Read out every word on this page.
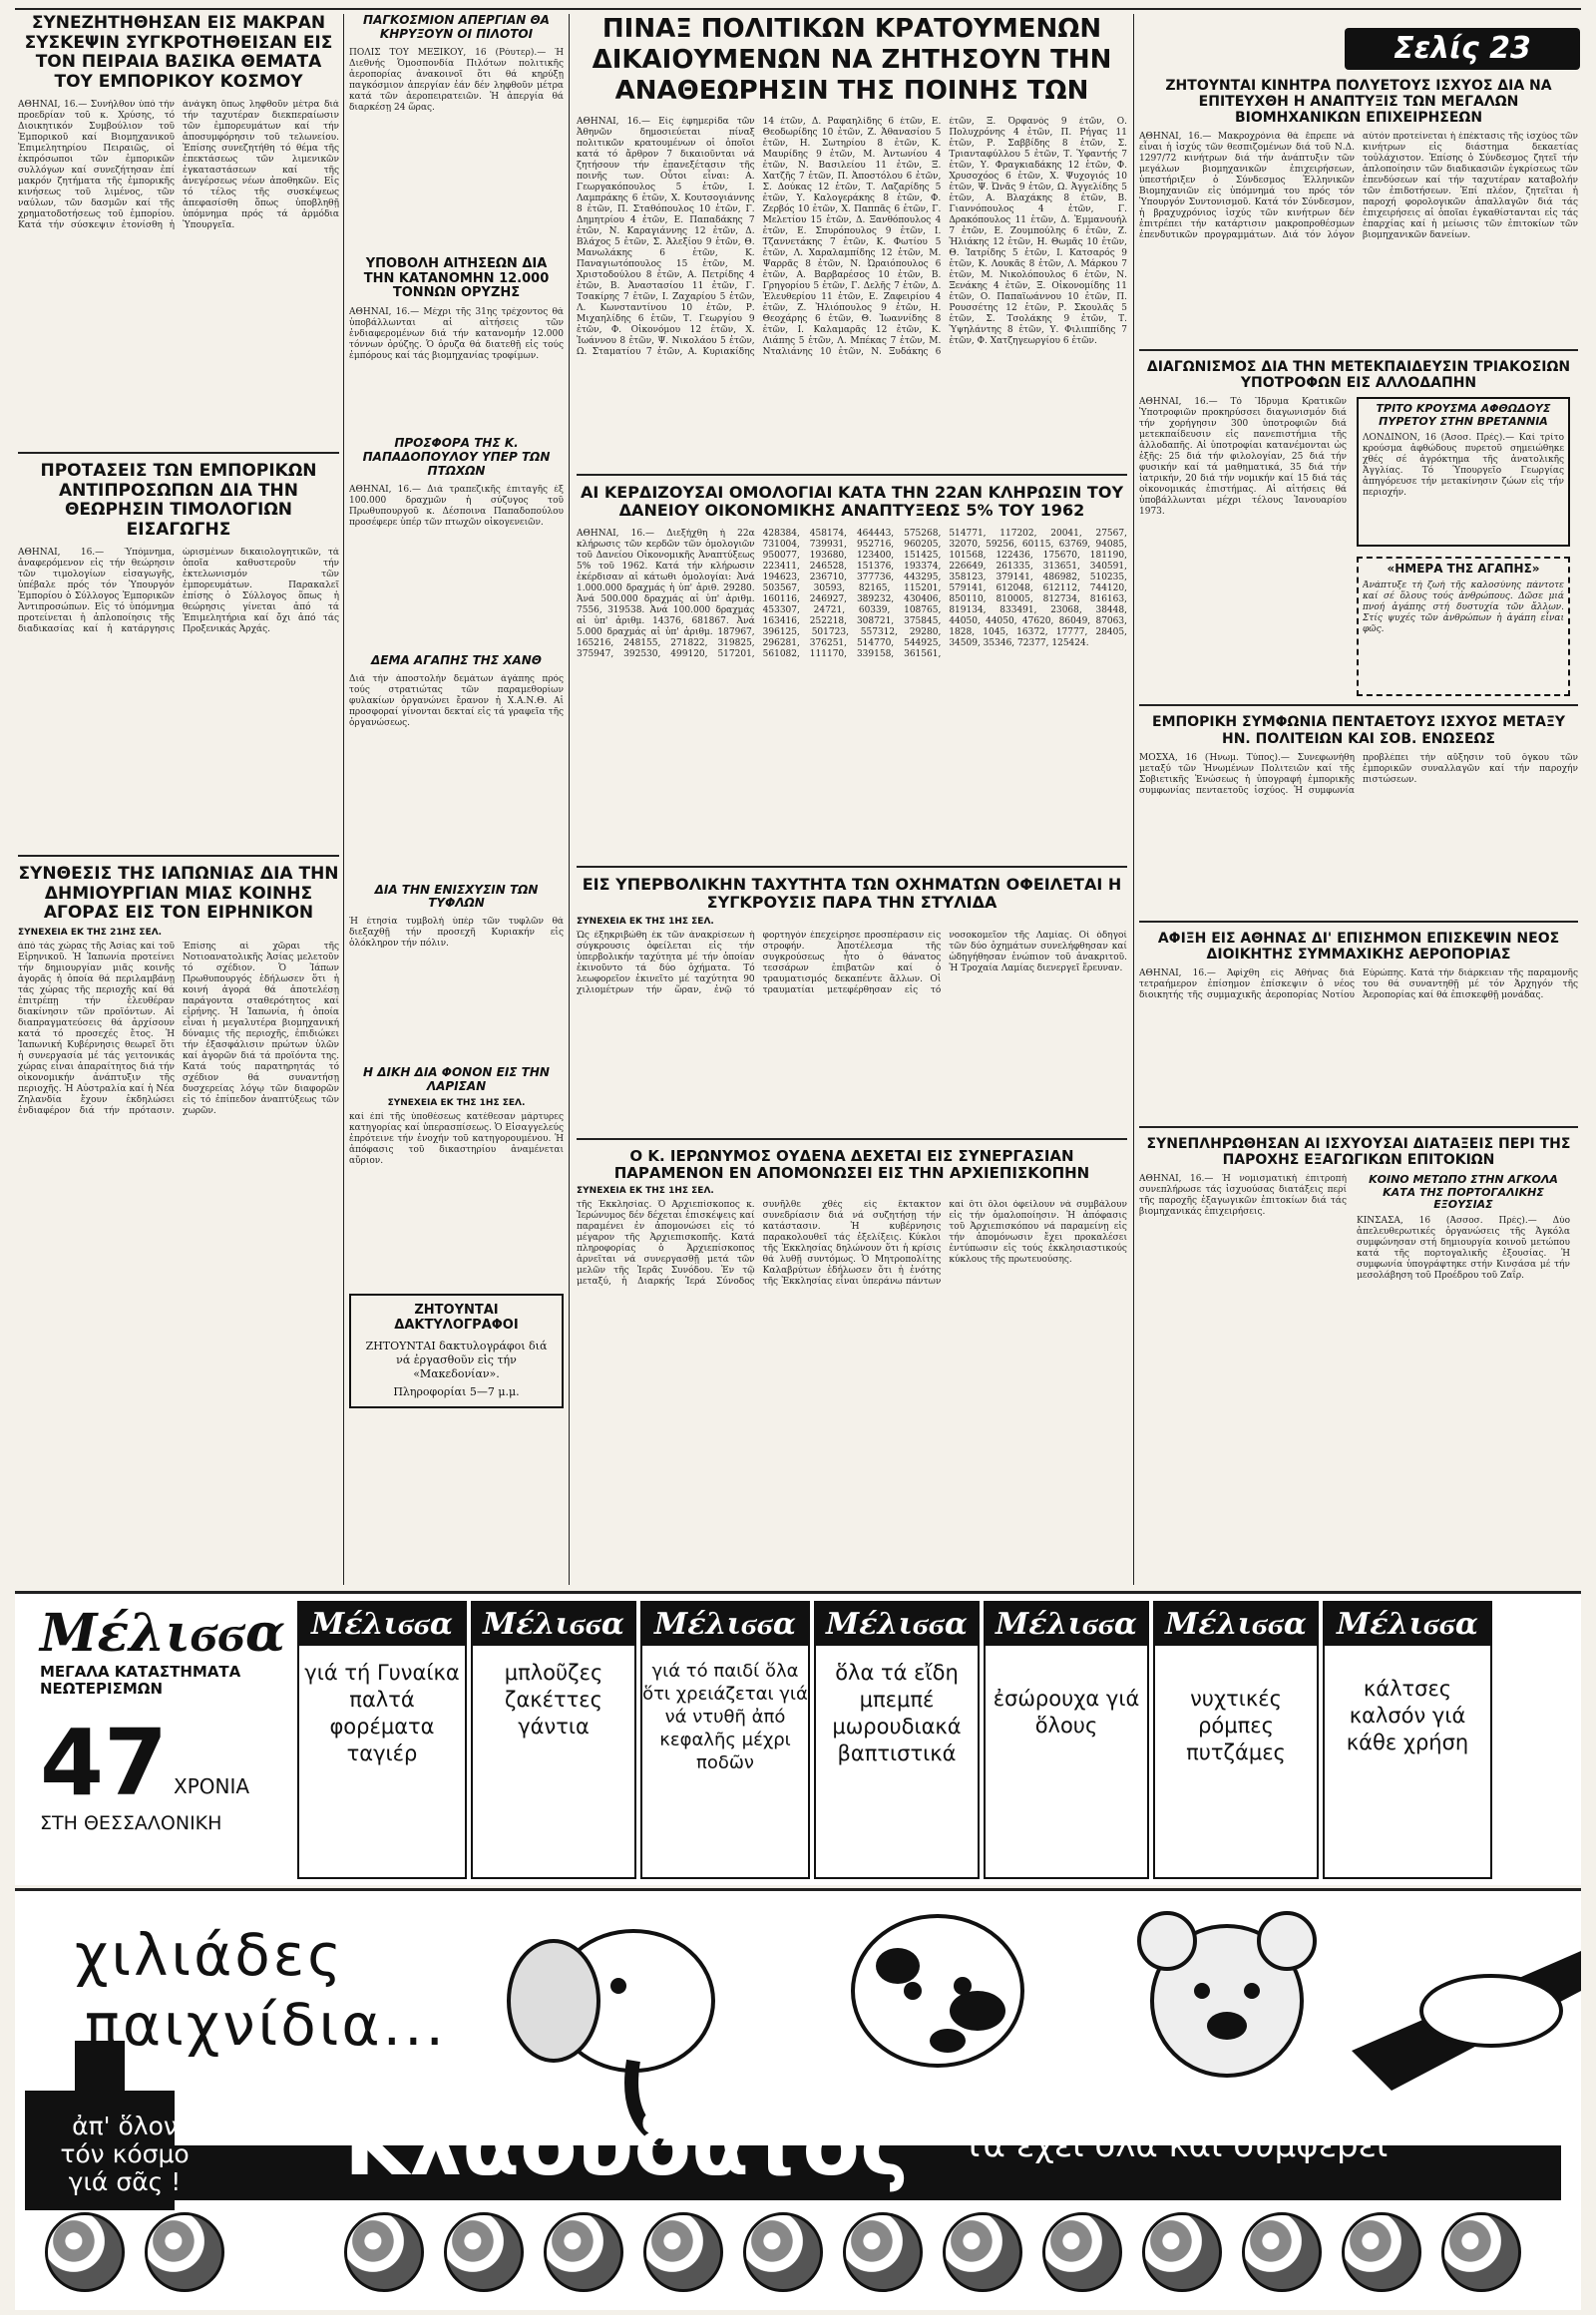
ΣΥΝΕΖΗΤΗΘΗΣΑΝ ΕΙΣ ΜΑΚΡΑΝ ΣΥΣΚΕΨΙΝ ΣΥΓΚΡΟΤΗΘΕΙΣΑΝ ΕΙΣ ΤΟΝ ΠΕΙΡΑΙΑ ΒΑΣΙΚΑ ΘΕΜΑΤΑ ΤΟΥ ΕΜΠΟΡΙΚΟΥ ΚΟΣΜΟΥ
ΑΘΗΝΑΙ, 16.— Συνήλθον ὑπό τήν προεδρίαν τοῦ κ. Χρύσης, τό Διοικητικόν Συμβούλιον τοῦ Ἐμπορικοῦ καί Βιομηχανικοῦ Ἐπιμελητηρίου Πειραιῶς, οἱ ἐκπρόσωποι τῶν ἐμπορικῶν συλλόγων καί συνεζήτησαν ἐπί μακρόν ζητήματα τῆς ἐμπορικῆς κινήσεως τοῦ λιμένος, τῶν ναύλων, τῶν δασμῶν καί τῆς χρηματοδοτήσεως τοῦ ἐμπορίου. Κατά τήν σύσκεψιν ἐτονίσθη ἡ ἀνάγκη ὅπως ληφθοῦν μέτρα διά τήν ταχυτέραν διεκπεραίωσιν τῶν ἐμπορευμάτων καί τήν ἀποσυμφόρησιν τοῦ τελωνείου. Ἐπίσης συνεζητήθη τό θέμα τῆς ἐπεκτάσεως τῶν λιμενικῶν ἐγκαταστάσεων καί τῆς ἀνεγέρσεως νέων ἀποθηκῶν. Εἰς τό τέλος τῆς συσκέψεως ἀπεφασίσθη ὅπως ὑποβληθῇ ὑπόμνημα πρός τά ἁρμόδια Ὑπουργεῖα.
ΠΡΟΤΑΣΕΙΣ ΤΩΝ ΕΜΠΟΡΙΚΩΝ ΑΝΤΙΠΡΟΣΩΠΩΝ ΔΙΑ ΤΗΝ ΘΕΩΡΗΣΙΝ ΤΙΜΟΛΟΓΙΩΝ ΕΙΣΑΓΩΓΗΣ
ΑΘΗΝΑΙ, 16.— Ὑπόμνημα, ἀναφερόμενον εἰς τήν θεώρησιν τῶν τιμολογίων εἰσαγωγῆς, ὑπέβαλε πρός τόν Ὑπουργόν Ἐμπορίου ὁ Σύλλογος Ἐμπορικῶν Ἀντιπροσώπων. Εἰς τό ὑπόμνημα προτείνεται ἡ ἁπλοποίησις τῆς διαδικασίας καί ἡ κατάργησις ὡρισμένων δικαιολογητικῶν, τά ὁποῖα καθυστεροῦν τήν ἐκτελωνισμόν τῶν ἐμπορευμάτων. Παρακαλεῖ ἐπίσης ὁ Σύλλογος ὅπως ἡ θεώρησις γίνεται ἀπό τά Ἐπιμελητήρια καί ὄχι ἀπό τάς Προξενικάς Ἀρχάς.
ΣΥΝΘΕΣΙΣ ΤΗΣ ΙΑΠΩΝΙΑΣ ΔΙΑ ΤΗΝ ΔΗΜΙΟΥΡΓΙΑΝ ΜΙΑΣ ΚΟΙΝΗΣ ΑΓΟΡΑΣ ΕΙΣ ΤΟΝ ΕΙΡΗΝΙΚΟΝ
ΣΥΝΕΧΕΙΑ ΕΚ ΤΗΣ 21ΗΣ ΣΕΛ.
ἀπό τάς χώρας τῆς Ἀσίας καί τοῦ Εἰρηνικοῦ. Ἡ Ἰαπωνία προτείνει τήν δημιουργίαν μιᾶς κοινῆς ἀγορᾶς ἡ ὁποία θά περιλαμβάνῃ τάς χώρας τῆς περιοχῆς καί θά ἐπιτρέπῃ τήν ἐλευθέραν διακίνησιν τῶν προϊόντων. Αἱ διαπραγματεύσεις θά ἀρχίσουν κατά τό προσεχές ἔτος. Ἡ Ἰαπωνική Κυβέρνησις θεωρεῖ ὅτι ἡ συνεργασία μέ τάς γειτονικάς χώρας εἶναι ἀπαραίτητος διά τήν οἰκονομικήν ἀνάπτυξιν τῆς περιοχῆς. Ἡ Αὐστραλία καί ἡ Νέα Ζηλανδία ἔχουν ἐκδηλώσει ἐνδιαφέρον διά τήν πρότασιν. Ἐπίσης αἱ χῶραι τῆς Νοτιοανατολικῆς Ἀσίας μελετοῦν τό σχέδιον. Ὁ Ἰάπων Πρωθυπουργός ἐδήλωσεν ὅτι ἡ κοινή ἀγορά θά ἀποτελέσῃ παράγοντα σταθερότητος καί εἰρήνης. Ἡ Ἰαπωνία, ἡ ὁποία εἶναι ἡ μεγαλυτέρα βιομηχανική δύναμις τῆς περιοχῆς, ἐπιδιώκει τήν ἐξασφάλισιν πρώτων ὑλῶν καί ἀγορῶν διά τά προϊόντα της. Κατά τούς παρατηρητάς τό σχέδιον θά συναντήσῃ δυσχερείας λόγῳ τῶν διαφορῶν εἰς τό ἐπίπεδον ἀναπτύξεως τῶν χωρῶν.
ΠΑΓΚΟΣΜΙΟΝ ΑΠΕΡΓΙΑΝ ΘΑ ΚΗΡΥΞΟΥΝ ΟΙ ΠΙΛΟΤΟΙ
ΠΟΛΙΣ ΤΟΥ ΜΕΞΙΚΟΥ, 16 (Ρόυτερ).— Ἡ Διεθνής Ὁμοσπονδία Πιλότων πολιτικῆς ἀεροπορίας ἀνακοινοῖ ὅτι θά κηρύξῃ παγκόσμιον ἀπεργίαν ἐάν δέν ληφθοῦν μέτρα κατά τῶν ἀεροπειρατειῶν. Ἡ ἀπεργία θά διαρκέσῃ 24 ὥρας.
ΥΠΟΒΟΛΗ ΑΙΤΗΣΕΩΝ ΔΙΑ ΤΗΝ ΚΑΤΑΝΟΜΗΝ 12.000 ΤΟΝΝΩΝ ΟΡΥΖΗΣ
ΑΘΗΝΑΙ, 16.— Μέχρι τῆς 31ης τρέχοντος θά ὑποβάλλωνται αἱ αἰτήσεις τῶν ἐνδιαφερομένων διά τήν κατανομήν 12.000 τόννων ὀρύζης. Ὁ ὀρυζα θά διατεθῇ εἰς τούς ἐμπόρους καί τάς βιομηχανίας τροφίμων.
ΠΡΟΣΦΟΡΑ ΤΗΣ Κ. ΠΑΠΑΔΟΠΟΥΛΟΥ ΥΠΕΡ ΤΩΝ ΠΤΩΧΩΝ
ΑΘΗΝΑΙ, 16.— Διά τραπεζικῆς ἐπιταγῆς ἐξ 100.000 δραχμῶν ἡ σύζυγος τοῦ Πρωθυπουργοῦ κ. Δέσποινα Παπαδοπούλου προσέφερε ὑπέρ τῶν πτωχῶν οἰκογενειῶν.
ΔΕΜΑ ΑΓΑΠΗΣ ΤΗΣ ΧΑΝΘ
Διά τήν ἀποστολήν δεμάτων ἀγάπης πρός τούς στρατιώτας τῶν παραμεθορίων φυλακίων ὀργανώνει ἔρανον ἡ Χ.Α.Ν.Θ. Αἱ προσφοραί γίνονται δεκταί εἰς τά γραφεῖα τῆς ὀργανώσεως.
ΔΙΑ ΤΗΝ ΕΝΙΣΧΥΣΙΝ ΤΩΝ ΤΥΦΛΩΝ
Ἡ ἐτησία τυμβολή ὑπέρ τῶν τυφλῶν θά διεξαχθῇ τήν προσεχῆ Κυριακήν εἰς ὁλόκληρον τήν πόλιν.
Η ΔΙΚΗ ΔΙΑ ΦΟΝΟΝ ΕΙΣ ΤΗΝ ΛΑΡΙΣΑΝ
ΣΥΝΕΧΕΙΑ ΕΚ ΤΗΣ 1ΗΣ ΣΕΛ.
καί ἐπί τῆς ὑποθέσεως κατέθεσαν μάρτυρες κατηγορίας καί ὑπερασπίσεως. Ὁ Εἰσαγγελεύς ἐπρότεινε τήν ἐνοχήν τοῦ κατηγορουμένου. Ἡ ἀπόφασις τοῦ δικαστηρίου ἀναμένεται αὔριον.
ΖΗΤΟΥΝΤΑΙ ΔΑΚΤΥΛΟΓΡΑΦΟΙ
ΖΗΤΟΥΝΤΑΙ δακτυλογράφοι διά νά ἐργασθοῦν εἰς τήν «Μακεδονίαν».
Πληροφορίαι 5—7 μ.μ.
ΠΙΝΑΞ ΠΟΛΙΤΙΚΩΝ ΚΡΑΤΟΥΜΕΝΩΝ ΔΙΚΑΙΟΥΜΕΝΩΝ ΝΑ ΖΗΤΗΣΟΥΝ ΤΗΝ ΑΝΑΘΕΩΡΗΣΙΝ ΤΗΣ ΠΟΙΝΗΣ ΤΩΝ
ΑΘΗΝΑΙ, 16.— Εἰς ἐφημερίδα τῶν Ἀθηνῶν δημοσιεύεται πίναξ πολιτικῶν κρατουμένων οἱ ὁποῖοι κατά τό ἄρθρον 7 δικαιοῦνται νά ζητήσουν τήν ἐπανεξέτασιν τῆς ποινῆς των. Οὗτοι εἶναι: Α. Γεωργακόπουλος 5 ἐτῶν, Ι. Λαμπράκης 6 ἐτῶν, Χ. Κουτσογιάννης 8 ἐτῶν, Π. Σταθόπουλος 10 ἐτῶν, Γ. Δημητρίου 4 ἐτῶν, Ε. Παπαδάκης 7 ἐτῶν, Ν. Καραγιάννης 12 ἐτῶν, Δ. Βλάχος 5 ἐτῶν, Σ. Ἀλεξίου 9 ἐτῶν, Θ. Μανωλάκης 6 ἐτῶν, Κ. Παναγιωτόπουλος 15 ἐτῶν, Μ. Χριστοδούλου 8 ἐτῶν, Α. Πετρίδης 4 ἐτῶν, Β. Ἀναστασίου 11 ἐτῶν, Γ. Τσακίρης 7 ἐτῶν, Ι. Ζαχαρίου 5 ἐτῶν, Λ. Κωνσταντίνου 10 ἐτῶν, Ρ. Μιχαηλίδης 6 ἐτῶν, Τ. Γεωργίου 9 ἐτῶν, Φ. Οἰκονόμου 12 ἐτῶν, Χ. Ἰωάννου 8 ἐτῶν, Ψ. Νικολάου 5 ἐτῶν, Ω. Σταματίου 7 ἐτῶν, Α. Κυριακίδης 14 ἐτῶν, Δ. Ραφαηλίδης 6 ἐτῶν, Ε. Θεοδωρίδης 10 ἐτῶν, Ζ. Ἀθανασίου 5 ἐτῶν, Η. Σωτηρίου 8 ἐτῶν, Κ. Μαυρίδης 9 ἐτῶν, Μ. Ἀντωνίου 4 ἐτῶν, Ν. Βασιλείου 11 ἐτῶν, Ξ. Χατζῆς 7 ἐτῶν, Π. Ἀποστόλου 6 ἐτῶν, Σ. Δούκας 12 ἐτῶν, Τ. Λαζαρίδης 5 ἐτῶν, Υ. Καλογεράκης 8 ἐτῶν, Φ. Ζερβός 10 ἐτῶν, Χ. Παππᾶς 6 ἐτῶν, Γ. Μελετίου 15 ἐτῶν, Δ. Ξανθόπουλος 4 ἐτῶν, Ε. Σπυρόπουλος 9 ἐτῶν, Ι. Τζαννετάκης 7 ἐτῶν, Κ. Φωτίου 5 ἐτῶν, Λ. Χαραλαμπίδης 12 ἐτῶν, Μ. Ψαρρᾶς 8 ἐτῶν, Ν. Ὠραιόπουλος 6 ἐτῶν, Α. Βαρβαρέσος 10 ἐτῶν, Β. Γρηγορίου 5 ἐτῶν, Γ. Δελῆς 7 ἐτῶν, Δ. Ἐλευθερίου 11 ἐτῶν, Ε. Ζαφειρίου 4 ἐτῶν, Ζ. Ἠλιόπουλος 9 ἐτῶν, Η. Θεοχάρης 6 ἐτῶν, Θ. Ἰωαννίδης 8 ἐτῶν, Ι. Καλαμαρᾶς 12 ἐτῶν, Κ. Λιάπης 5 ἐτῶν, Λ. Μπέκας 7 ἐτῶν, Μ. Νταλιάνης 10 ἐτῶν, Ν. Ξυδάκης 6 ἐτῶν, Ξ. Ὀρφανός 9 ἐτῶν, Ο. Πολυχρόνης 4 ἐτῶν, Π. Ρήγας 11 ἐτῶν, Ρ. Σαββίδης 8 ἐτῶν, Σ. Τριανταφύλλου 5 ἐτῶν, Τ. Ὑφαντής 7 ἐτῶν, Υ. Φραγκιαδάκης 12 ἐτῶν, Φ. Χρυσοχόος 6 ἐτῶν, Χ. Ψυχογιός 10 ἐτῶν, Ψ. Ὠνᾶς 9 ἐτῶν, Ω. Ἀγγελίδης 5 ἐτῶν, Α. Βλαχάκης 8 ἐτῶν, Β. Γιαννόπουλος 4 ἐτῶν, Γ. Δρακόπουλος 11 ἐτῶν, Δ. Ἐμμανουήλ 7 ἐτῶν, Ε. Ζουμπούλης 6 ἐτῶν, Ζ. Ἡλιάκης 12 ἐτῶν, Η. Θωμᾶς 10 ἐτῶν, Θ. Ἰατρίδης 5 ἐτῶν, Ι. Κατσαρός 9 ἐτῶν, Κ. Λουκᾶς 8 ἐτῶν, Λ. Μάρκου 7 ἐτῶν, Μ. Νικολόπουλος 6 ἐτῶν, Ν. Ξενάκης 4 ἐτῶν, Ξ. Οἰκονομίδης 11 ἐτῶν, Ο. Παπαϊωάννου 10 ἐτῶν, Π. Ρουσσέτης 12 ἐτῶν, Ρ. Σκουλᾶς 5 ἐτῶν, Σ. Τσολάκης 9 ἐτῶν, Τ. Ὑψηλάντης 8 ἐτῶν, Υ. Φιλιππίδης 7 ἐτῶν, Φ. Χατζηγεωργίου 6 ἐτῶν.
ΑΙ ΚΕΡΔΙΖΟΥΣΑΙ ΟΜΟΛΟΓΙΑΙ ΚΑΤΑ ΤΗΝ 22ΑΝ ΚΛΗΡΩΣΙΝ ΤΟΥ ΔΑΝΕΙΟΥ ΟΙΚΟΝΟΜΙΚΗΣ ΑΝΑΠΤΥΞΕΩΣ 5% ΤΟΥ 1962
ΑΘΗΝΑΙ, 16.— Διεξήχθη ἡ 22α κλήρωσις τῶν κερδῶν τῶν ὁμολογιῶν τοῦ Δανείου Οἰκονομικῆς Ἀναπτύξεως 5% τοῦ 1962. Κατά τήν κλήρωσιν ἐκέρδισαν αἱ κάτωθι ὁμολογίαι: Ἀνά 1.000.000 δραχμάς ἡ ὑπ' ἀριθ. 29280. Ἀνά 500.000 δραχμάς αἱ ὑπ' ἀριθμ. 7556, 319538. Ἀνά 100.000 δραχμάς αἱ ὑπ' ἀριθμ. 14376, 681867. Ἀνά 5.000 δραχμάς αἱ ὑπ' ἀριθμ. 187967, 165216, 248155, 271822, 319825, 375947, 392530, 499120, 517201, 428384, 458174, 464443, 575268, 731004, 739931, 952716, 960205, 950077, 193680, 123400, 151425, 223411, 246528, 151376, 193374, 194623, 236710, 377736, 443295, 503567, 30593, 82165, 115201, 160116, 246927, 389232, 430406, 453307, 24721, 60339, 108765, 163416, 252218, 308721, 375845, 396125, 501723, 557312, 29280, 296281, 376251, 514770, 544925, 561082, 111170, 339158, 361561, 514771, 117202, 20041, 27567, 32070, 59256, 60115, 63769, 94085, 101568, 122436, 175670, 181190, 226649, 261335, 313651, 340591, 358123, 379141, 486982, 510235, 579141, 612048, 612112, 744120, 850110, 810005, 812734, 816163, 819134, 833491, 23068, 38448, 44050, 44050, 47620, 86049, 87063, 1828, 1045, 16372, 17777, 28405, 34509, 35346, 72377, 125424.
ΕΙΣ ΥΠΕΡΒΟΛΙΚΗΝ ΤΑΧΥΤΗΤΑ ΤΩΝ ΟΧΗΜΑΤΩΝ ΟΦΕΙΛΕΤΑΙ Η ΣΥΓΚΡΟΥΣΙΣ ΠΑΡΑ ΤΗΝ ΣΤΥΛΙΔΑ
ΣΥΝΕΧΕΙΑ ΕΚ ΤΗΣ 1ΗΣ ΣΕΛ.
Ὡς ἐξηκριβώθη ἐκ τῶν ἀνακρίσεων ἡ σύγκρουσις ὀφείλεται εἰς τήν ὑπερβολικήν ταχύτητα μέ τήν ὁποίαν ἐκινοῦντο τά δύο ὀχήματα. Τό λεωφορεῖον ἐκινεῖτο μέ ταχύτητα 90 χιλιομέτρων τήν ὥραν, ἐνῷ τό φορτηγόν ἐπεχείρησε προσπέρασιν εἰς στροφήν. Ἀποτέλεσμα τῆς συγκρούσεως ἦτο ὁ θάνατος τεσσάρων ἐπιβατῶν καί ὁ τραυματισμός δεκαπέντε ἄλλων. Οἱ τραυματίαι μετεφέρθησαν εἰς τό νοσοκομεῖον τῆς Λαμίας. Οἱ ὁδηγοί τῶν δύο ὀχημάτων συνελήφθησαν καί ὡδηγήθησαν ἐνώπιον τοῦ ἀνακριτοῦ. Ἡ Τροχαία Λαμίας διενεργεῖ ἔρευναν.
Ο Κ. ΙΕΡΩΝΥΜΟΣ ΟΥΔΕΝΑ ΔΕΧΕΤΑΙ ΕΙΣ ΣΥΝΕΡΓΑΣΙΑΝ ΠΑΡΑΜΕΝΟΝ ΕΝ ΑΠΟΜΟΝΩΣΕΙ ΕΙΣ ΤΗΝ ΑΡΧΙΕΠΙΣΚΟΠΗΝ
ΣΥΝΕΧΕΙΑ ΕΚ ΤΗΣ 1ΗΣ ΣΕΛ.
τῆς Ἐκκλησίας. Ὁ Ἀρχιεπίσκοπος κ. Ἱερώνυμος δέν δέχεται ἐπισκέψεις καί παραμένει ἐν ἀπομονώσει εἰς τό μέγαρον τῆς Ἀρχιεπισκοπῆς. Κατά πληροφορίας ὁ Ἀρχιεπίσκοπος ἀρνεῖται νά συνεργασθῇ μετά τῶν μελῶν τῆς Ἱερᾶς Συνόδου. Ἐν τῷ μεταξύ, ἡ Διαρκής Ἱερά Σύνοδος συνῆλθε χθές εἰς ἔκτακτον συνεδρίασιν διά νά συζητήσῃ τήν κατάστασιν. Ἡ κυβέρνησις παρακολουθεῖ τάς ἐξελίξεις. Κύκλοι τῆς Ἐκκλησίας δηλώνουν ὅτι ἡ κρίσις θά λυθῇ συντόμως. Ὁ Μητροπολίτης Καλαβρύτων ἐδήλωσεν ὅτι ἡ ἑνότης τῆς Ἐκκλησίας εἶναι ὑπεράνω πάντων καί ὅτι ὅλοι ὀφείλουν νά συμβάλουν εἰς τήν ὁμαλοποίησιν. Ἡ ἀπόφασις τοῦ Ἀρχιεπισκόπου νά παραμείνῃ εἰς τήν ἀπομόνωσιν ἔχει προκαλέσει ἐντύπωσιν εἰς τούς ἐκκλησιαστικούς κύκλους τῆς πρωτευούσης.
Σελίς 23
ΖΗΤΟΥΝΤΑΙ ΚΙΝΗΤΡΑ ΠΟΛΥΕΤΟΥΣ ΙΣΧΥΟΣ ΔΙΑ ΝΑ ΕΠΙΤΕΥΧΘΗ Η ΑΝΑΠΤΥΞΙΣ ΤΩΝ ΜΕΓΑΛΩΝ ΒΙΟΜΗΧΑΝΙΚΩΝ ΕΠΙΧΕΙΡΗΣΕΩΝ
ΑΘΗΝΑΙ, 16.— Μακροχρόνια θά ἔπρεπε νά εἶναι ἡ ἰσχύς τῶν θεσπιζομένων διά τοῦ Ν.Δ. 1297/72 κινήτρων διά τήν ἀνάπτυξιν τῶν μεγάλων βιομηχανικῶν ἐπιχειρήσεων, ὑπεστήριξεν ὁ Σύνδεσμος Ἑλληνικῶν Βιομηχανιῶν εἰς ὑπόμνημά του πρός τόν Ὑπουργόν Συντονισμοῦ. Κατά τόν Σύνδεσμον, ἡ βραχυχρόνιος ἰσχύς τῶν κινήτρων δέν ἐπιτρέπει τήν κατάρτισιν μακροπροθέσμων ἐπενδυτικῶν προγραμμάτων. Διά τόν λόγον αὐτόν προτείνεται ἡ ἐπέκτασις τῆς ἰσχύος τῶν κινήτρων εἰς διάστημα δεκαετίας τοὐλάχιστον. Ἐπίσης ὁ Σύνδεσμος ζητεῖ τήν ἁπλοποίησιν τῶν διαδικασιῶν ἐγκρίσεως τῶν ἐπενδύσεων καί τήν ταχυτέραν καταβολήν τῶν ἐπιδοτήσεων. Ἐπί πλέον, ζητεῖται ἡ παροχή φορολογικῶν ἀπαλλαγῶν διά τάς ἐπιχειρήσεις αἱ ὁποῖαι ἐγκαθίστανται εἰς τάς ἐπαρχίας καί ἡ μείωσις τῶν ἐπιτοκίων τῶν βιομηχανικῶν δανείων.
ΔΙΑΓΩΝΙΣΜΟΣ ΔΙΑ ΤΗΝ ΜΕΤΕΚΠΑΙΔΕΥΣΙΝ ΤΡΙΑΚΟΣΙΩΝ ΥΠΟΤΡΟΦΩΝ ΕΙΣ ΑΛΛΟΔΑΠΗΝ
ΑΘΗΝΑΙ, 16.— Τό Ἵδρυμα Κρατικῶν Ὑποτροφιῶν προκηρύσσει διαγωνισμόν διά τήν χορήγησιν 300 ὑποτροφιῶν διά μετεκπαίδευσιν εἰς πανεπιστήμια τῆς ἀλλοδαπῆς. Αἱ ὑποτροφίαι κατανέμονται ὡς ἑξῆς: 25 διά τήν φιλολογίαν, 25 διά τήν φυσικήν καί τά μαθηματικά, 35 διά τήν ἰατρικήν, 20 διά τήν νομικήν καί 15 διά τάς οἰκονομικάς ἐπιστήμας. Αἱ αἰτήσεις θά ὑποβάλλωνται μέχρι τέλους Ἰανουαρίου 1973.
ΤΡΙΤΟ ΚΡΟΥΣΜΑ ΑΦΘΩΔΟΥΣ ΠΥΡΕΤΟΥ ΣΤΗΝ ΒΡΕΤΑΝΝΙΑ
ΛΟΝΔΙΝΟΝ, 16 (Ἀσοσ. Πρές).— Καί τρίτο κρούσμα ἀφθώδους πυρετοῦ σημειώθηκε χθές σέ ἀγρόκτημα τῆς ἀνατολικῆς Ἀγγλίας. Τό Ὑπουργεῖο Γεωργίας ἀπηγόρευσε τήν μετακίνησιν ζώων εἰς τήν περιοχήν.
«ΗΜΕΡΑ ΤΗΣ ΑΓΑΠΗΣ»
Ἀνάπτυξε τή ζωή τῆς καλοσύνης πάντοτε καί σέ ὅλους τούς ἀνθρώπους. Δῶσε μιά πνοή ἀγάπης στή δυστυχία τῶν ἄλλων. Στίς ψυχές τῶν ἀνθρώπων ἡ ἀγάπη εἶναι φῶς.
ΕΜΠΟΡΙΚΗ ΣΥΜΦΩΝΙΑ ΠΕΝΤΑΕΤΟΥΣ ΙΣΧΥΟΣ ΜΕΤΑΞΥ ΗΝ. ΠΟΛΙΤΕΙΩΝ ΚΑΙ ΣΟΒ. ΕΝΩΣΕΩΣ
ΜΟΣΧΑ, 16 (Ἠνωμ. Τύπος).— Συνεφωνήθη μεταξύ τῶν Ἡνωμένων Πολιτειῶν καί τῆς Σοβιετικῆς Ἑνώσεως ἡ ὑπογραφή ἐμπορικῆς συμφωνίας πενταετοῦς ἰσχύος. Ἡ συμφωνία προβλέπει τήν αὔξησιν τοῦ ὄγκου τῶν ἐμπορικῶν συναλλαγῶν καί τήν παροχήν πιστώσεων.
ΑΦΙΞΗ ΕΙΣ ΑΘΗΝΑΣ ΔΙ' ΕΠΙΣΗΜΟΝ ΕΠΙΣΚΕΨΙΝ ΝΕΟΣ ΔΙΟΙΚΗΤΗΣ ΣΥΜΜΑΧΙΚΗΣ ΑΕΡΟΠΟΡΙΑΣ
ΑΘΗΝΑΙ, 16.— Ἀφίχθη εἰς Ἀθήνας διά τετραήμερον ἐπίσημον ἐπίσκεψιν ὁ νέος διοικητής τῆς συμμαχικῆς ἀεροπορίας Νοτίου Εὐρώπης. Κατά τήν διάρκειαν τῆς παραμονῆς του θά συναντηθῇ μέ τόν Ἀρχηγόν τῆς Ἀεροπορίας καί θά ἐπισκεφθῇ μονάδας.
ΣΥΝΕΠΛΗΡΩΘΗΣΑΝ ΑΙ ΙΣΧΥΟΥΣΑΙ ΔΙΑΤΑΞΕΙΣ ΠΕΡΙ ΤΗΣ ΠΑΡΟΧΗΣ ΕΞΑΓΩΓΙΚΩΝ ΕΠΙΤΟΚΙΩΝ
ΑΘΗΝΑΙ, 16.— Ἡ νομισματική ἐπιτροπή συνεπλήρωσε τάς ἰσχυούσας διατάξεις περί τῆς παροχῆς ἐξαγωγικῶν ἐπιτοκίων διά τάς βιομηχανικάς ἐπιχειρήσεις.
ΚΟΙΝΟ ΜΕΤΩΠΟ ΣΤΗΝ ΑΓΚΟΛΑ ΚΑΤΑ ΤΗΣ ΠΟΡΤΟΓΑΛΙΚΗΣ ΕΞΟΥΣΙΑΣ
ΚΙΝΣΑΣΑ, 16 (Ἀσσοσ. Πρές).— Δύο ἀπελευθερωτικές ὀργανώσεις τῆς Ἀγκόλα συμφώνησαν στή δημιουργία κοινοῦ μετώπου κατά τῆς πορτογαλικῆς ἐξουσίας. Ἡ συμφωνία ὑπογράφτηκε στήν Κινσάσα μέ τήν μεσολάβηση τοῦ Προέδρου τοῦ Ζαΐρ.
Μέλιϭϭα
ΜΕΓΑΛΑ ΚΑΤΑΣΤΗΜΑΤΑ ΝΕΩΤΕΡΙΣΜΩΝ
47 ΧΡΟΝΙΑ
ΣΤΗ ΘΕΣΣΑΛΟΝΙΚΗ
Μέλιϭϭα
γιά τή Γυναίκα παλτά φορέματα ταγιέρ
Μέλιϭϭα
μπλοῦζες ζακέττες γάντια
Μέλιϭϭα
γιά τό παιδί ὅλα ὅτι χρειάζεται γιά νά ντυθῆ ἀπό κεφαλῆς μέχρι ποδῶν
Μέλιϭϭα
ὅλα τά εἴδη μπεμπέ μωρουδιακά βαπτιστικά
Μέλιϭϭα
ἐσώρουχα γιά ὅλους
Μέλιϭϭα
νυχτικές ρόμπες πυτζάμες
Μέλιϭϭα
κάλτσες καλσόν γιά κάθε χρήση
χιλιάδες
παιχνίδια...
ἀπ' ὅλον
τόν κόσμο
γιά σᾶς ! Κλαουδᾶτος τά ἔχει ὅλα καί συμφέρει
